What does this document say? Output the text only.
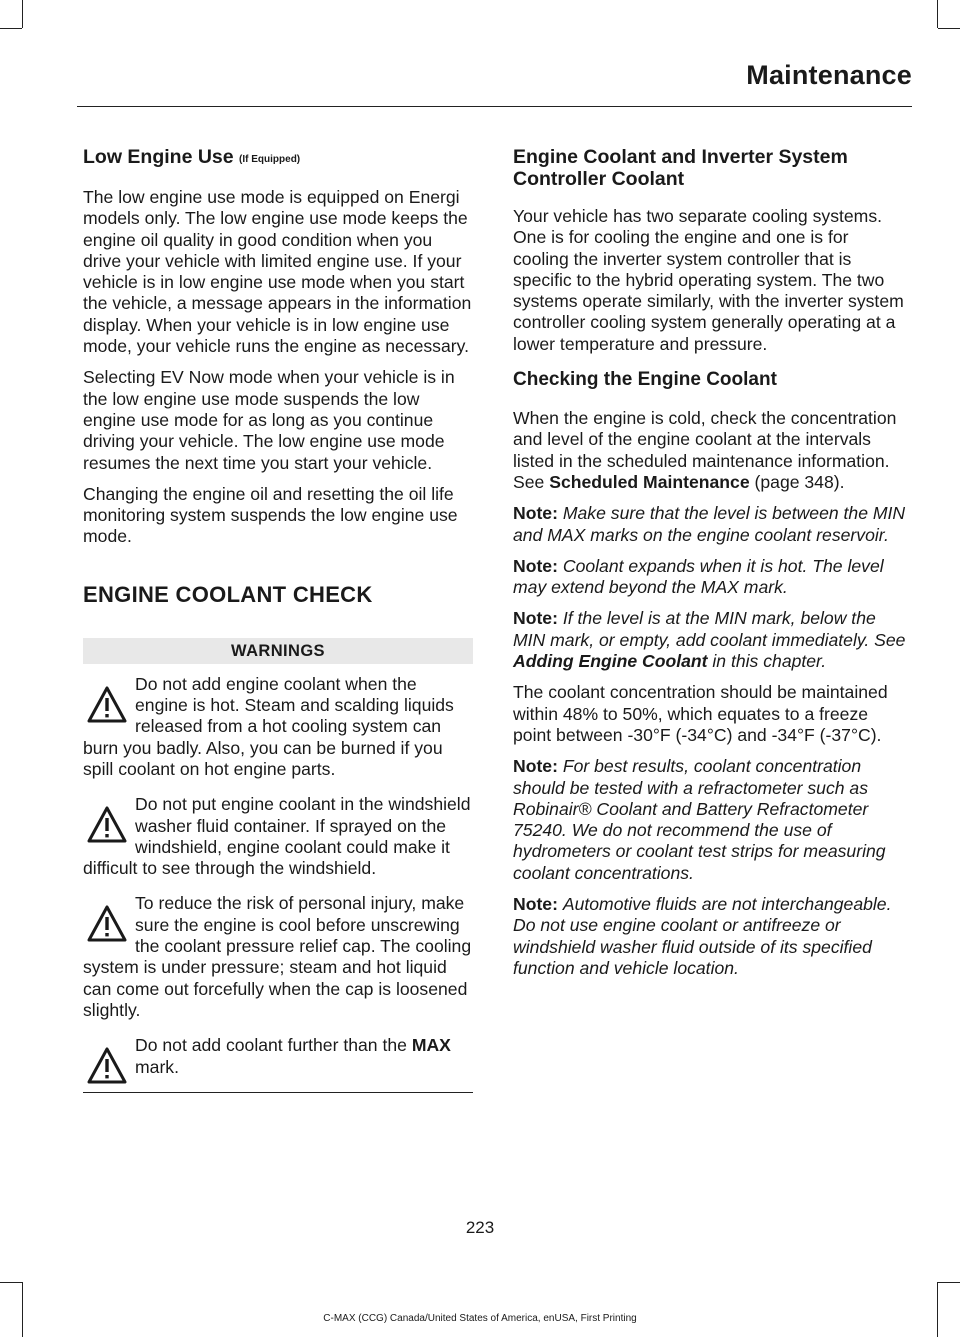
Maintenance
Low Engine Use (If Equipped)

The low engine use mode is equipped on Energi models only. The low engine use mode keeps the engine oil quality in good condition when you drive your vehicle with limited engine use. If your vehicle is in low engine use mode when you start the vehicle, a message appears in the information display. When your vehicle is in low engine use mode, your vehicle runs the engine as necessary.

Selecting EV Now mode when your vehicle is in the low engine use mode suspends the low engine use mode for as long as you continue driving your vehicle. The low engine use mode resumes the next time you start your vehicle.

Changing the engine oil and resetting the oil life monitoring system suspends the low engine use mode.

ENGINE COOLANT CHECK
WARNINGS

Do not add engine coolant when the engine is hot. Steam and scalding liquids released from a hot cooling system can burn you badly. Also, you can be burned if you spill coolant on hot engine parts.

Do not put engine coolant in the windshield washer fluid container. If sprayed on the windshield, engine coolant could make it difficult to see through the windshield.

To reduce the risk of personal injury, make sure the engine is cool before unscrewing the coolant pressure relief cap. The cooling system is under pressure; steam and hot liquid can come out forcefully when the cap is loosened slightly.

Do not add coolant further than the MAX mark.

Engine Coolant and Inverter System Controller Coolant

Your vehicle has two separate cooling systems. One is for cooling the engine and one is for cooling the inverter system controller that is specific to the hybrid operating system. The two systems operate similarly, with the inverter system controller cooling system generally operating at a lower temperature and pressure.

Checking the Engine Coolant

When the engine is cold, check the concentration and level of the engine coolant at the intervals listed in the scheduled maintenance information. See Scheduled Maintenance (page 348).

Note: Make sure that the level is between the MIN and MAX marks on the engine coolant reservoir.

Note: Coolant expands when it is hot. The level may extend beyond the MAX mark.

Note: If the level is at the MIN mark, below the MIN mark, or empty, add coolant immediately. See Adding Engine Coolant in this chapter.

The coolant concentration should be maintained within 48% to 50%, which equates to a freeze point between -30°F (-34°C) and -34°F (-37°C).

Note: For best results, coolant concentration should be tested with a refractometer such as Robinair® Coolant and Battery Refractometer 75240. We do not recommend the use of hydrometers or coolant test strips for measuring coolant concentrations.

Note: Automotive fluids are not interchangeable. Do not use engine coolant or antifreeze or windshield washer fluid outside of its specified function and vehicle location.

223
C-MAX (CCG) Canada/United States of America, enUSA, First Printing
